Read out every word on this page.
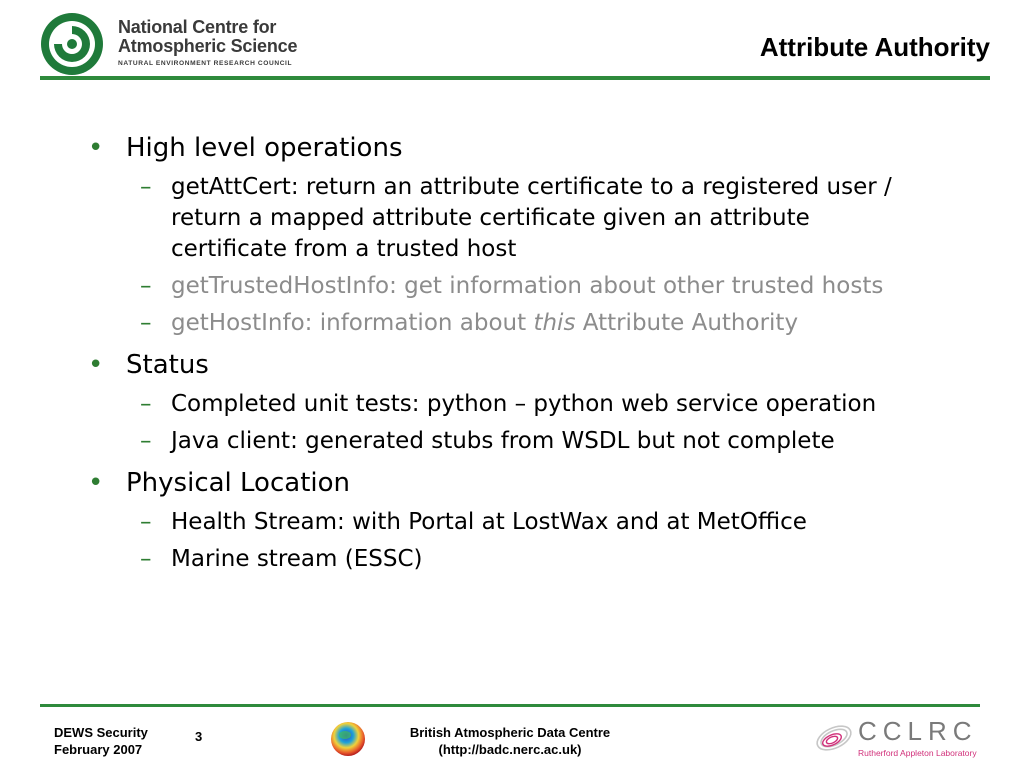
National Centre for
Atmospheric Science
NATURAL ENVIRONMENT RESEARCH COUNCIL
Attribute Authority
• High level operations
– getAttCert: return an attribute certificate to a registered user / return a mapped attribute certificate given an attribute certificate from a trusted host
– getTrustedHostInfo: get information about other trusted hosts
– getHostInfo: information about this Attribute Authority
• Status
– Completed unit tests: python – python web service operation
– Java client: generated stubs from WSDL but not complete
• Physical Location
– Health Stream: with Portal at LostWax and at MetOffice
– Marine stream (ESSC)
DEWS Security
February 2007
3	British Atmospheric Data Centre
(http://badc.nerc.ac.uk)
CCLRC
Rutherford Appleton Laboratory
